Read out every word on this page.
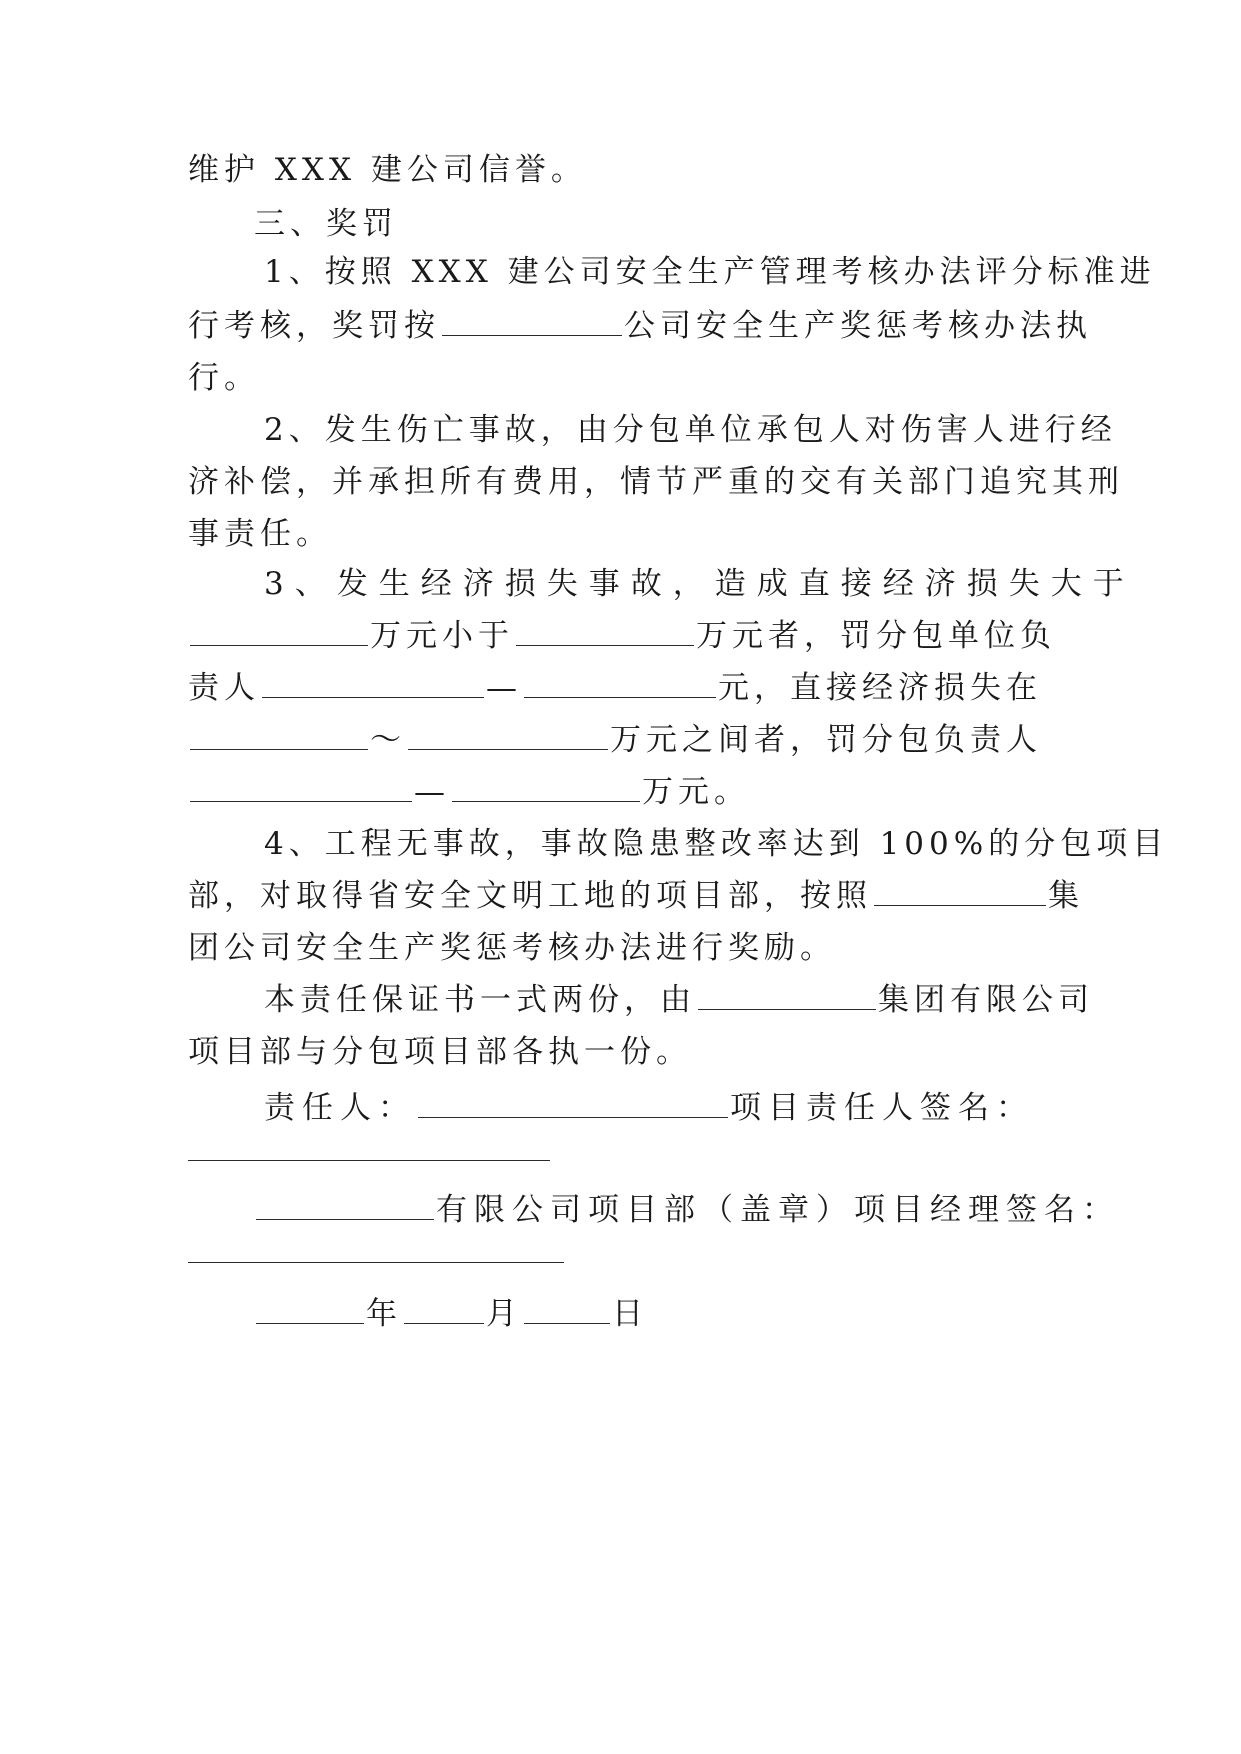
维护 XXX 建公司信誉。
三、奖罚
1、按照 XXX 建公司安全生产管理考核办法评分标准进
行考核，奖罚按	公司安全生产奖惩考核办法执
行。
2、发生伤亡事故，由分包单位承包人对伤害人进行经
济补偿，并承担所有费用，情节严重的交有关部门追究其刑
事责任。
3、发生经济损失事故，造成直接经济损失大于
万元小于	万元者，罚分包单位负
责人	—	元，直接经济损失在
～	万元之间者，罚分包负责人
—	万元。
4、工程无事故，事故隐患整改率达到 100%的分包项目
部，对取得省安全文明工地的项目部，按照	集
团公司安全生产奖惩考核办法进行奖励。
本责任保证书一式两份，由	集团有限公司
项目部与分包项目部各执一份。
责任人：	项目责任人签名：
有限公司项目部（盖章）项目经理签名：
年	月	日
